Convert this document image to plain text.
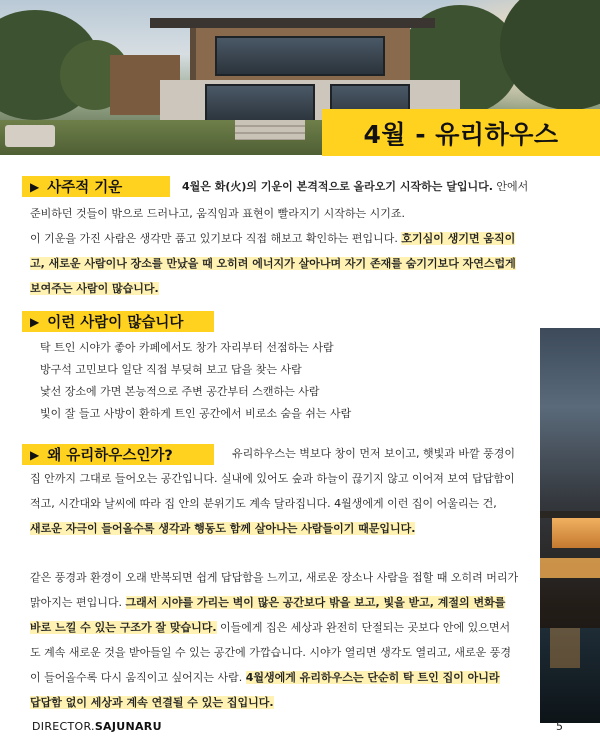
4월 - 유리하우스
▶ 사주적 기운	4월은 화(火)의 기운이 본격적으로 올라오기 시작하는 달입니다. 안에서
준비하던 것들이 밖으로 드러나고, 움직임과 표현이 빨라지기 시작하는 시기죠.
이 기운을 가진 사람은 생각만 품고 있기보다 직접 해보고 확인하는 편입니다. 호기심이 생기면 움직이
고, 새로운 사람이나 장소를 만났을 때 오히려 에너지가 살아나며 자기 존재를 숨기기보다 자연스럽게
보여주는 사람이 많습니다.
▶ 이런 사람이 많습니다
탁 트인 시야가 좋아 카페에서도 창가 자리부터 선점하는 사람
방구석 고민보다 일단 직접 부딪혀 보고 답을 찾는 사람
낯선 장소에 가면 본능적으로 주변 공간부터 스캔하는 사람
빛이 잘 들고 사방이 환하게 트인 공간에서 비로소 숨을 쉬는 사람
▶ 왜 유리하우스인가?	유리하우스는 벽보다 창이 먼저 보이고, 햇빛과 바깥 풍경이
집 안까지 그대로 들어오는 공간입니다. 실내에 있어도 숲과 하늘이 끊기지 않고 이어져 보여 답답함이
적고, 시간대와 날씨에 따라 집 안의 분위기도 계속 달라집니다. 4월생에게 이런 집이 어울리는 건,
새로운 자극이 들어올수록 생각과 행동도 함께 살아나는 사람들이기 때문입니다.
같은 풍경과 환경이 오래 반복되면 쉽게 답답함을 느끼고, 새로운 장소나 사람을 접할 때 오히려 머리가
맑아지는 편입니다. 그래서 시야를 가리는 벽이 많은 공간보다 밖을 보고, 빛을 받고, 계절의 변화를
바로 느낄 수 있는 구조가 잘 맞습니다. 이들에게 집은 세상과 완전히 단절되는 곳보다 안에 있으면서
도 계속 새로운 것을 받아들일 수 있는 공간에 가깝습니다. 시야가 열리면 생각도 열리고, 새로운 풍경
이 들어올수록 다시 움직이고 싶어지는 사람. 4월생에게 유리하우스는 단순히 탁 트인 집이 아니라
답답함 없이 세상과 계속 연결될 수 있는 집입니다.
DIRECTOR.SAJUNARU	5
